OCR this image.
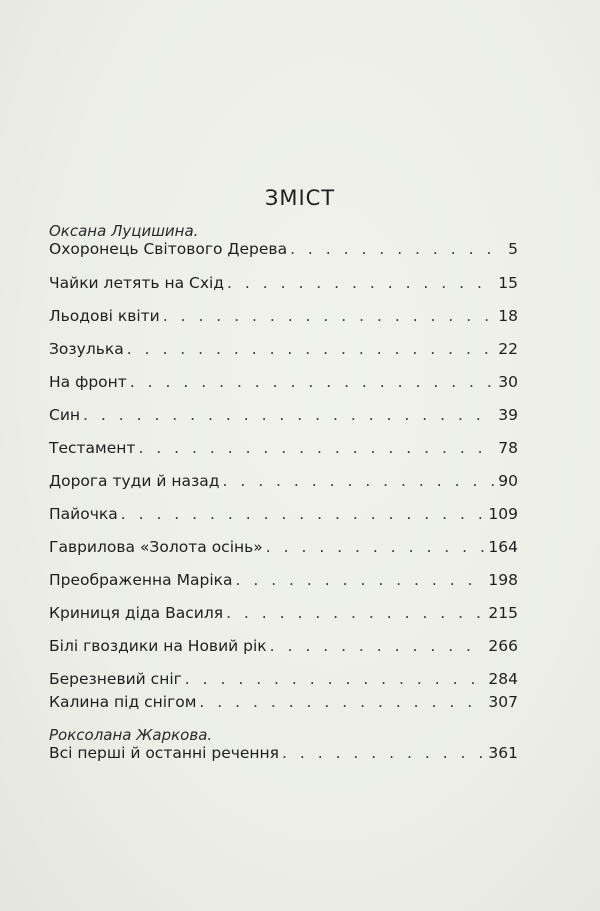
ЗМІСТ

Оксана Луцишина.

Охоронець Світового Дерева . . .	5
Чайки летять на Схід . . .	15
Льодові квіти . . .	18
Зозулька . . .	22
На фронт . . .	30
Син . . .	39
Тестамент . . .	78
Дорога туди й назад . . .	90
Пайочка . . .	109
Гаврилова «Золота осінь» . . .	164
Преображенна Маріка . . .	198
Криниця діда Василя . . .	215
Білі гвоздики на Новий рік . . .	266
Березневий сніг . . .	284
Калина під снігом . . .	307

Роксолана Жаркова.

Всі перші й останні речення . . .	361
